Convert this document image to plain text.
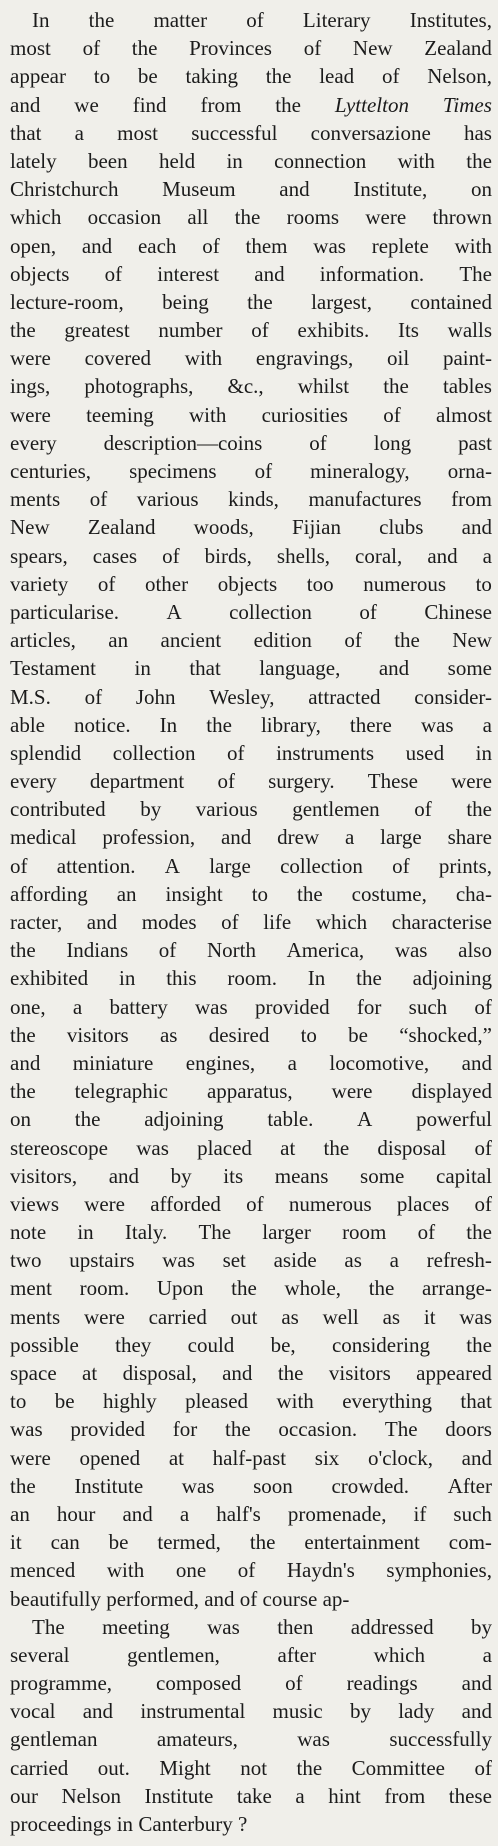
In the matter of Literary Institutes,
most of the Provinces of New Zealand
appear to be taking the lead of Nelson,
and we find from the Lyttelton Times
that a most successful conversazione has
lately been held in connection with the
Christchurch Museum and Institute, on
which occasion all the rooms were thrown
open, and each of them was replete with
objects of interest and information. The
lecture-room, being the largest, contained
the greatest number of exhibits. Its walls
were covered with engravings, oil paint-
ings, photographs, &c., whilst the tables
were teeming with curiosities of almost
every description—coins of long past
centuries, specimens of mineralogy, orna-
ments of various kinds, manufactures from
New Zealand woods, Fijian clubs and
spears, cases of birds, shells, coral, and a
variety of other objects too numerous to
particularise. A collection of Chinese
articles, an ancient edition of the New
Testament in that language, and some
M.S. of John Wesley, attracted consider-
able notice. In the library, there was a
splendid collection of instruments used in
every department of surgery. These were
contributed by various gentlemen of the
medical profession, and drew a large share
of attention. A large collection of prints,
affording an insight to the costume, cha-
racter, and modes of life which characterise
the Indians of North America, was also
exhibited in this room. In the adjoining
one, a battery was provided for such of
the visitors as desired to be “shocked,”
and miniature engines, a locomotive, and
the telegraphic apparatus, were displayed
on the adjoining table. A powerful
stereoscope was placed at the disposal of
visitors, and by its means some capital
views were afforded of numerous places of
note in Italy. The larger room of the
two upstairs was set aside as a refresh-
ment room. Upon the whole, the arrange-
ments were carried out as well as it was
possible they could be, considering the
space at disposal, and the visitors appeared
to be highly pleased with everything that
was provided for the occasion. The doors
were opened at half-past six o'clock, and
the Institute was soon crowded. After
an hour and a half's promenade, if such
it can be termed, the entertainment com-
menced with one of Haydn's symphonies,
beautifully
performed,
and
of
course
ap-
The meeting was then addressed by
several	gentlemen,	after	which	a
programme, composed of readings and
vocal and instrumental music by lady and
gentleman	amateurs,	was	successfully
carried out. Might not the Committee of
our Nelson Institute take a hint from these
proceedings
in
Canterbury
?
